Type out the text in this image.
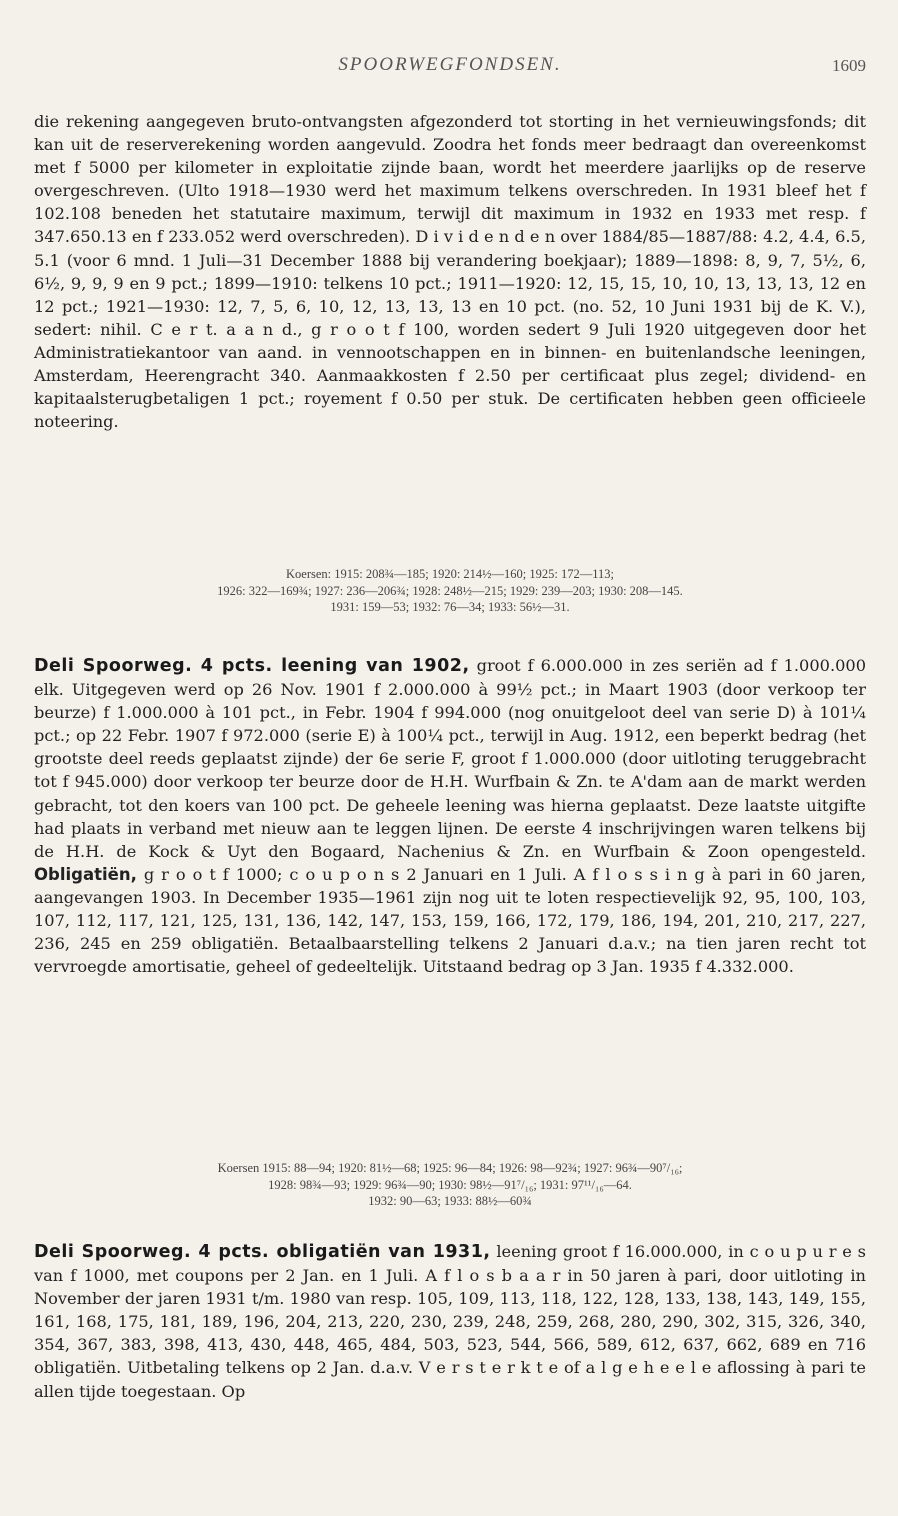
SPOORWEGFONDSEN.	1609

die rekening aangegeven bruto-ontvangsten afgezonderd tot storting in het vernieuwingsfonds; dit kan uit de reserverekening worden aangevuld. Zoodra het fonds meer bedraagt dan overeenkomst met f 5000 per kilometer in exploitatie zijnde baan, wordt het meerdere jaarlijks op de reserve overgeschreven. (Ulto 1918—1930 werd het maximum telkens overschreden. In 1931 bleef het f 102.108 beneden het statutaire maximum, terwijl dit maximum in 1932 en 1933 met resp. f 347.650.13 en f 233.052 werd overschreden). D i v i d e n d e n over 1884/85—1887/88: 4.2, 4.4, 6.5, 5.1 (voor 6 mnd. 1 Juli—31 December 1888 bij verandering boekjaar); 1889—1898: 8, 9, 7, 5½, 6, 6½, 9, 9, 9 en 9 pct.; 1899—1910: telkens 10 pct.; 1911—1920: 12, 15, 15, 10, 10, 13, 13, 13, 12 en 12 pct.; 1921—1930: 12, 7, 5, 6, 10, 12, 13, 13, 13 en 10 pct. (no. 52, 10 Juni 1931 bij de K. V.), sedert: nihil. C e r t. a a n d., g r o o t f 100, worden sedert 9 Juli 1920 uitgegeven door het Administratiekantoor van aand. in vennootschappen en in binnen- en buitenlandsche leeningen, Amsterdam, Heerengracht 340. Aanmaakkosten f 2.50 per certificaat plus zegel; dividend- en kapitaalsterugbetaligen 1 pct.; royement f 0.50 per stuk. De certificaten hebben geen officieele noteering.

Koersen: 1915: 208¾—185; 1920: 214½—160; 1925: 172—113;
1926: 322—169¾; 1927: 236—206¾; 1928: 248½—215; 1929: 239—203; 1930: 208—145.
1931: 159—53; 1932: 76—34; 1933: 56½—31.

Deli Spoorweg. 4 pcts. leening van 1902, groot f 6.000.000 in zes seriën ad f 1.000.000 elk. Uitgegeven werd op 26 Nov. 1901 f 2.000.000 à 99½ pct.; in Maart 1903 (door verkoop ter beurze) f 1.000.000 à 101 pct., in Febr. 1904 f 994.000 (nog onuitgeloot deel van serie D) à 101¼ pct.; op 22 Febr. 1907 f 972.000 (serie E) à 100¼ pct., terwijl in Aug. 1912, een beperkt bedrag (het grootste deel reeds geplaatst zijnde) der 6e serie F, groot f 1.000.000 (door uitloting teruggebracht tot f 945.000) door verkoop ter beurze door de H.H. Wurfbain & Zn. te A'dam aan de markt werden gebracht, tot den koers van 100 pct. De geheele leening was hierna geplaatst. Deze laatste uitgifte had plaats in verband met nieuw aan te leggen lijnen. De eerste 4 inschrijvingen waren telkens bij de H.H. de Kock & Uyt den Bogaard, Nachenius & Zn. en Wurfbain & Zoon opengesteld. Obligatiën, g r o o t f 1000; c o u p o n s 2 Januari en 1 Juli. A f l o s s i n g à pari in 60 jaren, aangevangen 1903. In December 1935—1961 zijn nog uit te loten respectievelijk 92, 95, 100, 103, 107, 112, 117, 121, 125, 131, 136, 142, 147, 153, 159, 166, 172, 179, 186, 194, 201, 210, 217, 227, 236, 245 en 259 obligatiën. Betaalbaarstelling telkens 2 Januari d.a.v.; na tien jaren recht tot vervroegde amortisatie, geheel of gedeeltelijk. Uitstaand bedrag op 3 Jan. 1935 f 4.332.000.

Koersen 1915: 88—94; 1920: 81½—68; 1925: 96—84; 1926: 98—92¾; 1927: 96¾—90⁷/₁₆;
1928: 98¾—93; 1929: 96¾—90; 1930: 98½—91⁷/₁₆; 1931: 97¹¹/₁₆—64.
1932: 90—63; 1933: 88½—60¾

Deli Spoorweg. 4 pcts. obligatiën van 1931, leening groot f 16.000.000, in c o u p u r e s van f 1000, met coupons per 2 Jan. en 1 Juli. A f l o s b a a r in 50 jaren à pari, door uitloting in November der jaren 1931 t/m. 1980 van resp. 105, 109, 113, 118, 122, 128, 133, 138, 143, 149, 155, 161, 168, 175, 181, 189, 196, 204, 213, 220, 230, 239, 248, 259, 268, 280, 290, 302, 315, 326, 340, 354, 367, 383, 398, 413, 430, 448, 465, 484, 503, 523, 544, 566, 589, 612, 637, 662, 689 en 716 obligatiën. Uitbetaling telkens op 2 Jan. d.a.v. V e r s t e r k t e of a l g e h e e l e aflossing à pari te allen tijde toegestaan. Op
